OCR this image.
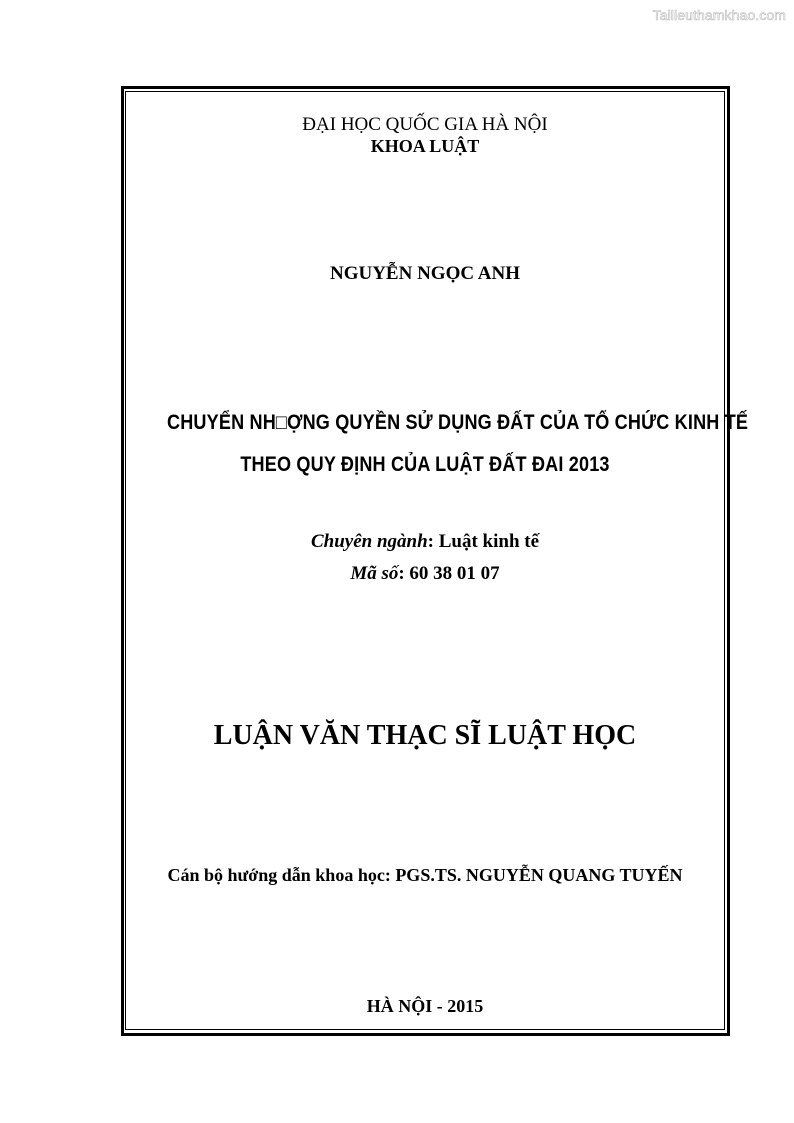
Tailieuthamkhao.com
ĐẠI HỌC QUỐC GIA HÀ NỘI
KHOA LUẬT
NGUYỄN NGỌC ANH
CHUYỂN NH□ỢNG QUYỀN SỬ DỤNG ĐẤT CỦA TỔ CHỨC KINH TẾ
THEO QUY ĐỊNH CỦA LUẬT ĐẤT ĐAI 2013
Chuyên ngành: Luật kinh tế
Mã số: 60 38 01 07
LUẬN VĂN THẠC SĨ LUẬT HỌC
Cán bộ hướng dẫn khoa học: PGS.TS. NGUYỄN QUANG TUYẾN
HÀ NỘI - 2015
